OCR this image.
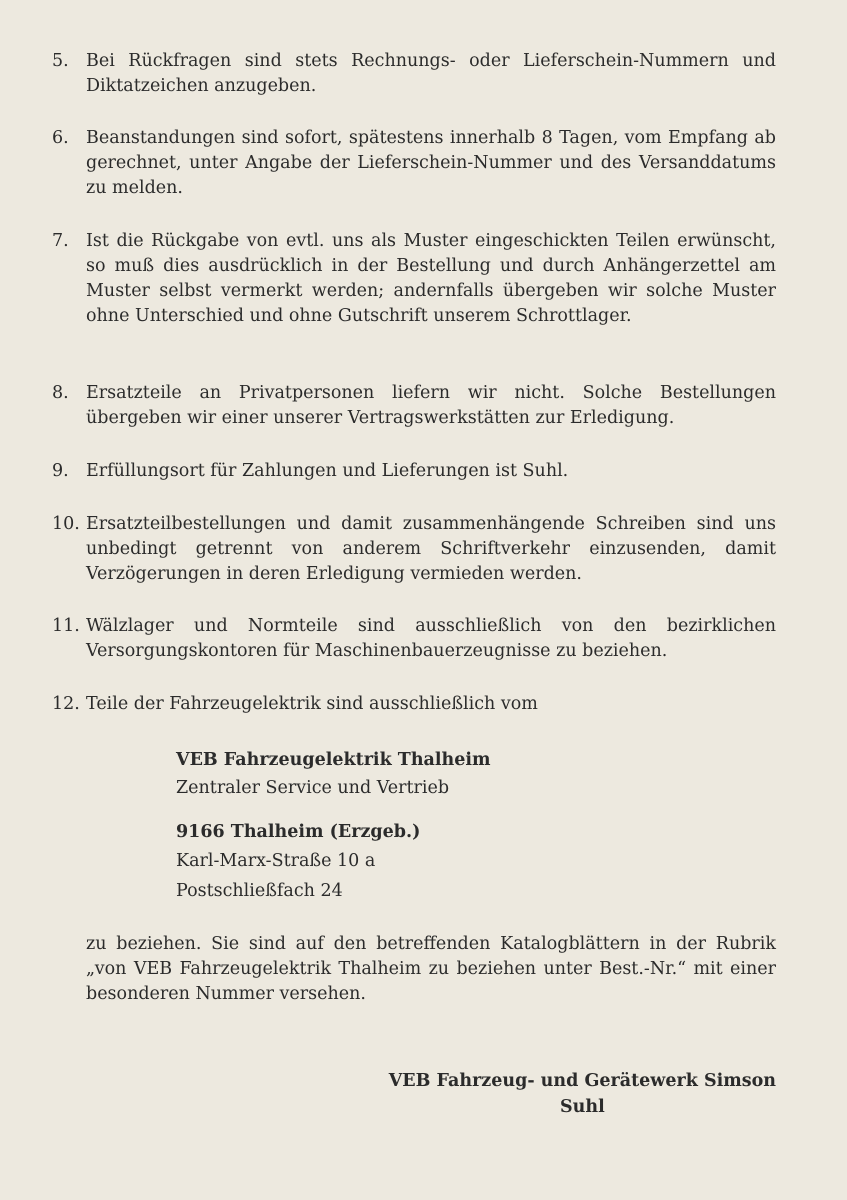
5. Bei Rückfragen sind stets Rechnungs- oder Lieferschein-Nummern und Diktatzeichen anzugeben.
6. Beanstandungen sind sofort, spätestens innerhalb 8 Tagen, vom Empfang ab gerechnet, unter Angabe der Lieferschein-Nummer und des Versanddatums zu melden.
7. Ist die Rückgabe von evtl. uns als Muster eingeschickten Teilen erwünscht, so muß dies ausdrücklich in der Bestellung und durch Anhängerzettel am Muster selbst vermerkt werden; andernfalls übergeben wir solche Muster ohne Unterschied und ohne Gutschrift unserem Schrottlager.
8. Ersatzteile an Privatpersonen liefern wir nicht. Solche Bestellungen übergeben wir einer unserer Vertragswerkstätten zur Erledigung.
9. Erfüllungsort für Zahlungen und Lieferungen ist Suhl.
10. Ersatzteilbestellungen und damit zusammenhängende Schreiben sind uns unbedingt getrennt von anderem Schriftverkehr einzusenden, damit Verzögerungen in deren Erledigung vermieden werden.
11. Wälzlager und Normteile sind ausschließlich von den bezirklichen Versorgungskontoren für Maschinenbauerzeugnisse zu beziehen.
12. Teile der Fahrzeugelektrik sind ausschließlich vom
VEB Fahrzeugelektrik Thalheim
Zentraler Service und Vertrieb
9166 Thalheim (Erzgeb.)
Karl-Marx-Straße 10 a
Postschließfach 24
zu beziehen. Sie sind auf den betreffenden Katalogblättern in der Rubrik „von VEB Fahrzeugelektrik Thalheim zu beziehen unter Best.-Nr.“ mit einer besonderen Nummer versehen.
VEB Fahrzeug- und Gerätewerk Simson
Suhl
